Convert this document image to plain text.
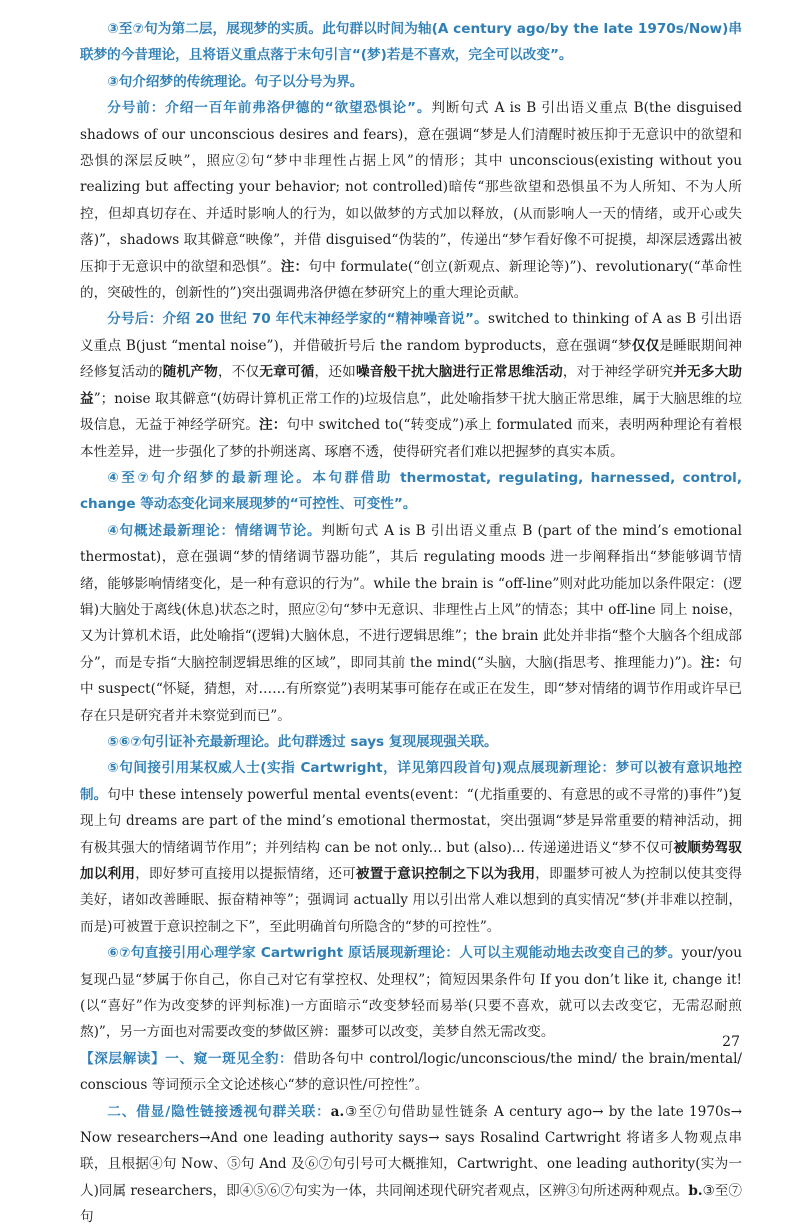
③至⑦句为第二层，展现梦的实质。此句群以时间为轴(A century ago/by the late 1970s/Now)串联梦的今昔理论，且将语义重点落于末句引言“(梦)若是不喜欢，完全可以改变”。

③句介绍梦的传统理论。句子以分号为界。

分号前：介绍一百年前弗洛伊德的“欲望恐惧论”。判断句式 A is B 引出语义重点 B(the disguised shadows of our unconscious desires and fears)，意在强调“梦是人们清醒时被压抑于无意识中的欲望和恐惧的深层反映”，照应②句“梦中非理性占据上风”的情形；其中 unconscious(existing without you realizing but affecting your behavior; not controlled)暗传“那些欲望和恐惧虽不为人所知、不为人所控，但却真切存在、并适时影响人的行为，如以做梦的方式加以释放，(从而影响人一天的情绪，或开心或失落)”，shadows 取其僻意“映像”，并借 disguised“伪装的”，传递出“梦乍看好像不可捉摸，却深层透露出被压抑于无意识中的欲望和恐惧”。注：句中 formulate(“创立(新观点、新理论等)”)、revolutionary(“革命性的，突破性的，创新性的”)突出强调弗洛伊德在梦研究上的重大理论贡献。

分号后：介绍 20 世纪 70 年代末神经学家的“精神噪音说”。switched to thinking of A as B 引出语义重点 B(just “mental noise”)，并借破折号后 the random byproducts，意在强调“梦仅仅是睡眠期间神经修复活动的随机产物，不仅无章可循，还如噪音般干扰大脑进行正常思维活动，对于神经学研究并无多大助益”；noise 取其僻意“(妨碍计算机正常工作的)垃圾信息”，此处喻指梦干扰大脑正常思维，属于大脑思维的垃圾信息，无益于神经学研究。注：句中 switched to(“转变成”)承上 formulated 而来，表明两种理论有着根本性差异，进一步强化了梦的扑朔迷离、琢磨不透，使得研究者们难以把握梦的真实本质。

④至⑦句介绍梦的最新理论。本句群借助 thermostat, regulating, harnessed, control, change 等动态变化词来展现梦的“可控性、可变性”。

④句概述最新理论：情绪调节论。判断句式 A is B 引出语义重点 B (part of the mind’s emotional thermostat)，意在强调“梦的情绪调节器功能”，其后 regulating moods 进一步阐释指出“梦能够调节情绪，能够影响情绪变化，是一种有意识的行为”。while the brain is “off-line”则对此功能加以条件限定：(逻辑)大脑处于离线(休息)状态之时，照应②句“梦中无意识、非理性占上风”的情态；其中 off-line 同上 noise，又为计算机术语，此处喻指“(逻辑)大脑休息，不进行逻辑思维”；the brain 此处并非指“整个大脑各个组成部分”，而是专指“大脑控制逻辑思维的区域”，即同其前 the mind(“头脑，大脑(指思考、推理能力)”)。注：句中 suspect(“怀疑，猜想，对……有所察觉”)表明某事可能存在或正在发生，即“梦对情绪的调节作用或许早已存在只是研究者并未察觉到而已”。

⑤⑥⑦句引证补充最新理论。此句群透过 says 复现展现强关联。

⑤句间接引用某权威人士(实指 Cartwright，详见第四段首句)观点展现新理论：梦可以被有意识地控制。句中 these intensely powerful mental events(event：“(尤指重要的、有意思的或不寻常的)事件”)复现上句 dreams are part of the mind’s emotional thermostat，突出强调“梦是异常重要的精神活动，拥有极其强大的情绪调节作用”；并列结构 can be not only... but (also)... 传递递进语义“梦不仅可被顺势驾驭加以利用，即好梦可直接用以提振情绪，还可被置于意识控制之下以为我用，即噩梦可被人为控制以使其变得美好，诸如改善睡眠、振奋精神等”；强调词 actually 用以引出常人难以想到的真实情况“梦(并非难以控制，而是)可被置于意识控制之下”，至此明确首句所隐含的“梦的可控性”。

⑥⑦句直接引用心理学家 Cartwright 原话展现新理论：人可以主观能动地去改变自己的梦。your/you 复现凸显“梦属于你自己，你自己对它有掌控权、处理权”；简短因果条件句 If you don’t like it, change it!(以“喜好”作为改变梦的评判标准)一方面暗示“改变梦轻而易举(只要不喜欢，就可以去改变它，无需忍耐煎熬)”，另一方面也对需要改变的梦做区辨：噩梦可以改变，美梦自然无需改变。

【深层解读】一、窥一斑见全豹：借助各句中 control/logic/unconscious/the mind/ the brain/mental/ conscious 等词预示全文论述核心“梦的意识性/可控性”。

二、借显/隐性链接透视句群关联：a.③至⑦句借助显性链条 A century ago→ by the late 1970s→ Now researchers→And one leading authority says→ says Rosalind Cartwright 将诸多人物观点串联，且根据④句 Now、⑤句 And 及⑥⑦句引号可大概推知，Cartwright、one leading authority(实为一人)同属 researchers，即④⑤⑥⑦句实为一体，共同阐述现代研究者观点，区辨③句所述两种观点。b.③至⑦句

27
